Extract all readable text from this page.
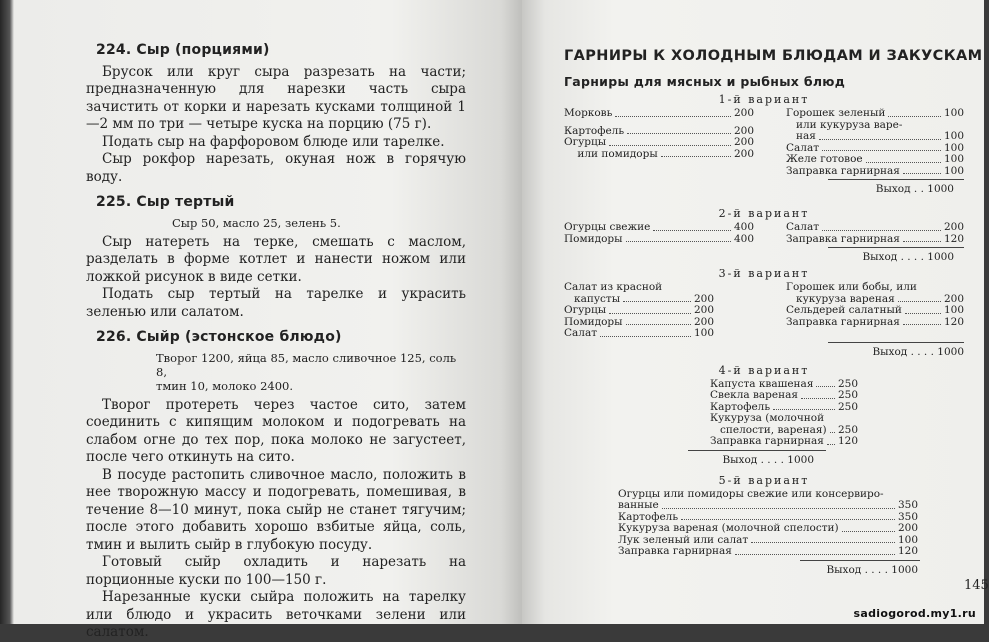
224. Сыр (порциями)

Брусок или круг сыра разрезать на части; предназначенную для нарезки часть сыра зачистить от корки и нарезать кусками толщиной 1—2 мм по три — четыре куска на порцию (75 г).

Подать сыр на фарфоровом блюде или тарелке.

Сыр рокфор нарезать, окуная нож в горячую воду.

225. Сыр тертый
Сыр 50, масло 25, зелень 5.

Сыр натереть на терке, смешать с маслом, разделать в форме котлет и нанести ножом или ложкой рисунок в виде сетки.

Подать сыр тертый на тарелке и украсить зеленью или салатом.

226. Сыйр (эстонское блюдо)
Творог 1200, яйца 85, масло сливочное 125, соль 8,
тмин 10, молоко 2400.

Творог протереть через частое сито, затем соединить с кипящим молоком и подогревать на слабом огне до тех пор, пока молоко не загустеет, после чего откинуть на сито.

В посуде растопить сливочное масло, положить в нее творожную массу и подогревать, помешивая, в течение 8—10 минут, пока сыйр не станет тягучим; после этого добавить хорошо взбитые яйца, соль, тмин и вылить сыйр в глубокую посуду.

Готовый сыйр охладить и нарезать на порционные куски по 100—150 г.

Нарезанные куски сыйра положить на тарелку или блюдо и украсить веточками зелени или салатом.

ГАРНИРЫ К ХОЛОДНЫМ БЛЮДАМ И ЗАКУСКАМ
Гарниры для мясных и рыбных блюд
1-й вариант
Морковь	200
Картофель	200
Огурцы	200
или помидоры	200
Горошек зеленый	100
или кукуруза варе-
ная	100
Салат	100
Желе готовое	100
Заправка гарнирная	100
Выход . . 1000
2-й вариант
Огурцы свежие	400
Помидоры	400
Салат	200
Заправка гарнирная	120
Выход . . . . 1000
3-й вариант
Салат из красной
капусты	200
Огурцы	200
Помидоры	200
Салат	100
Горошек или бобы, или
кукуруза вареная	200
Сельдерей салатный	100
Заправка гарнирная	120
Выход . . . . 1000
4-й вариант
Капуста квашеная 250
Свекла вареная	250
Картофель	250
Кукуруза (молочной
спелости, вареная) 250
Заправка гарнирная 120
Выход . . . . 1000
5-й вариант
Огурцы или помидоры свежие или консервиро-
ванные	350
Картофель	350
Кукуруза вареная (молочной спелости)	200
Лук зеленый или салат	100
Заправка гарнирная	120
Выход . . . . 1000
145
sadiogorod.my1.ru
